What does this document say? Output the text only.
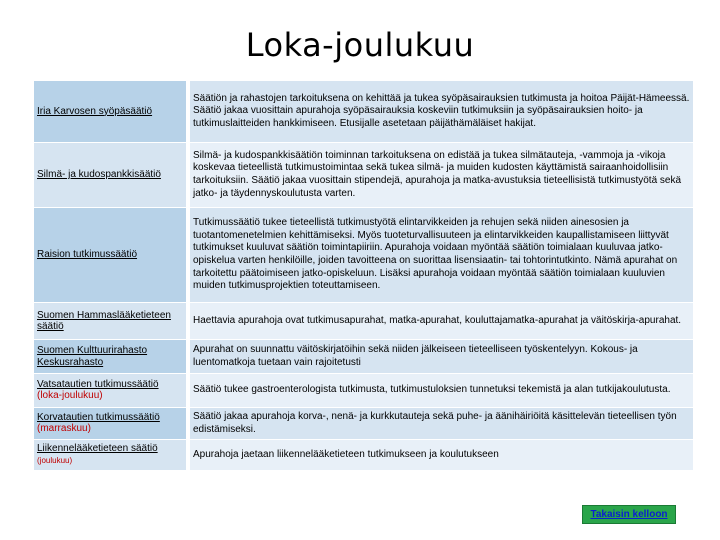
Loka-joulukuu
Iria Karvosen syöpäsäätiö	Säätiön ja rahastojen tarkoituksena on kehittää ja tukea syöpäsairauksien tutkimusta ja hoitoa Päijät-Hämeessä. Säätiö jakaa vuosittain apurahoja syöpäsairauksia koskeviin tutkimuksiin ja syöpäsairauksien hoito- ja tutkimuslaitteiden hankkimiseen. Etusijalle asetetaan päijäthämäläiset hakijat.

Silmä- ja kudospankkisäätiö	Silmä- ja kudospankkisäätiön toiminnan tarkoituksena on edistää ja tukea silmätauteja, -vammoja ja -vikoja koskevaa tieteellistä tutkimustoimintaa sekä tukea silmä- ja muiden kudosten käyttämistä sairaanhoidollisiin tarkoituksiin. Säätiö jakaa vuosittain stipendejä, apurahoja ja matka-avustuksia tieteellisistä tutkimustyötä sekä jatko- ja täydennyskoulutusta varten.

Raision tutkimussäätiö	Tutkimussäätiö tukee tieteellistä tutkimustyötä elintarvikkeiden ja rehujen sekä niiden ainesosien ja tuotantomenetelmien kehittämiseksi. Myös tuoteturvallisuuteen ja elintarvikkeiden kaupallistamiseen liittyvät tutkimukset kuuluvat säätiön toimintapiiriin. Apurahoja voidaan myöntää säätiön toimialaan kuuluvaa jatko-opiskelua varten henkilöille, joiden tavoitteena on suorittaa lisensiaatin- tai tohtorintutkinto. Nämä apurahat on tarkoitettu päätoimiseen jatko-opiskeluun. Lisäksi apurahoja voidaan myöntää säätiön toimialaan kuuluvien muiden tutkimusprojektien toteuttamiseen.

Suomen Hammaslääketieteen säätiö	Haettavia apurahoja ovat tutkimusapurahat, matka-apurahat, kouluttajamatka-apurahat ja väitöskirja-apurahat.

Suomen Kulttuurirahasto Keskusrahasto	Apurahat on suunnattu väitöskirjatöihin sekä niiden jälkeiseen tieteelliseen työskentelyyn. Kokous- ja luentomatkoja tuetaan vain rajoitetusti

Vatsatautien tutkimussäätiö
(loka-joulukuu)	Säätiö tukee gastroenterologista tutkimusta, tutkimustuloksien tunnetuksi tekemistä ja alan tutkijakoulutusta.

Korvatautien tutkimussäätiö
(marraskuu)	Säätiö jakaa apurahoja korva-, nenä- ja kurkkutauteja sekä puhe- ja äänihäiriöitä käsittelevän tieteellisen työn edistämiseksi.

Liikennelääketieteen säätiö
(joulukuu)	Apurahoja jaetaan liikennelääketieteen tutkimukseen ja koulutukseen
Takaisin kelloon
